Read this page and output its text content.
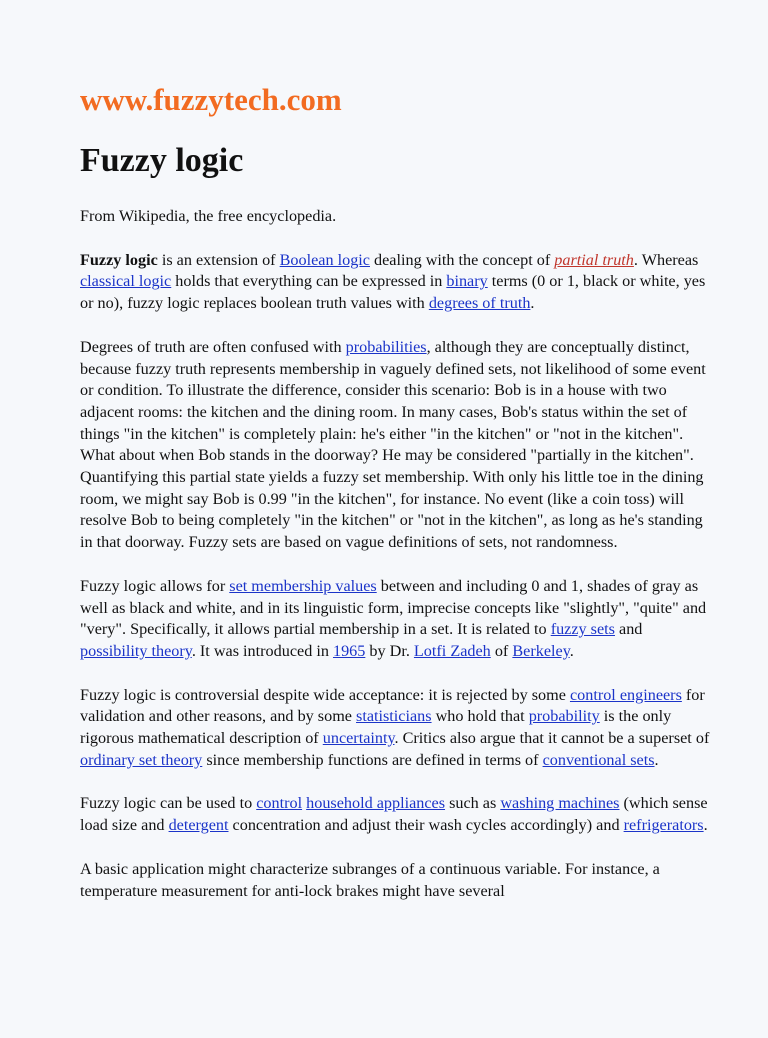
www.fuzzytech.com
Fuzzy logic

From Wikipedia, the free encyclopedia.

Fuzzy logic is an extension of Boolean logic dealing with the concept of partial truth. Whereas classical logic holds that everything can be expressed in binary terms (0 or 1, black or white, yes or no), fuzzy logic replaces boolean truth values with degrees of truth.

Degrees of truth are often confused with probabilities, although they are conceptually distinct, because fuzzy truth represents membership in vaguely defined sets, not likelihood of some event or condition. To illustrate the difference, consider this scenario: Bob is in a house with two adjacent rooms: the kitchen and the dining room. In many cases, Bob's status within the set of things "in the kitchen" is completely plain: he's either "in the kitchen" or "not in the kitchen". What about when Bob stands in the doorway? He may be considered "partially in the kitchen". Quantifying this partial state yields a fuzzy set membership. With only his little toe in the dining room, we might say Bob is 0.99 "in the kitchen", for instance. No event (like a coin toss) will resolve Bob to being completely "in the kitchen" or "not in the kitchen", as long as he's standing in that doorway. Fuzzy sets are based on vague definitions of sets, not randomness.

Fuzzy logic allows for set membership values between and including 0 and 1, shades of gray as well as black and white, and in its linguistic form, imprecise concepts like "slightly", "quite" and "very". Specifically, it allows partial membership in a set. It is related to fuzzy sets and possibility theory. It was introduced in 1965 by Dr. Lotfi Zadeh of Berkeley.

Fuzzy logic is controversial despite wide acceptance: it is rejected by some control engineers for validation and other reasons, and by some statisticians who hold that probability is the only rigorous mathematical description of uncertainty. Critics also argue that it cannot be a superset of ordinary set theory since membership functions are defined in terms of conventional sets.

Fuzzy logic can be used to control household appliances such as washing machines (which sense load size and detergent concentration and adjust their wash cycles accordingly) and refrigerators.

A basic application might characterize subranges of a continuous variable. For instance, a temperature measurement for anti-lock brakes might have several
